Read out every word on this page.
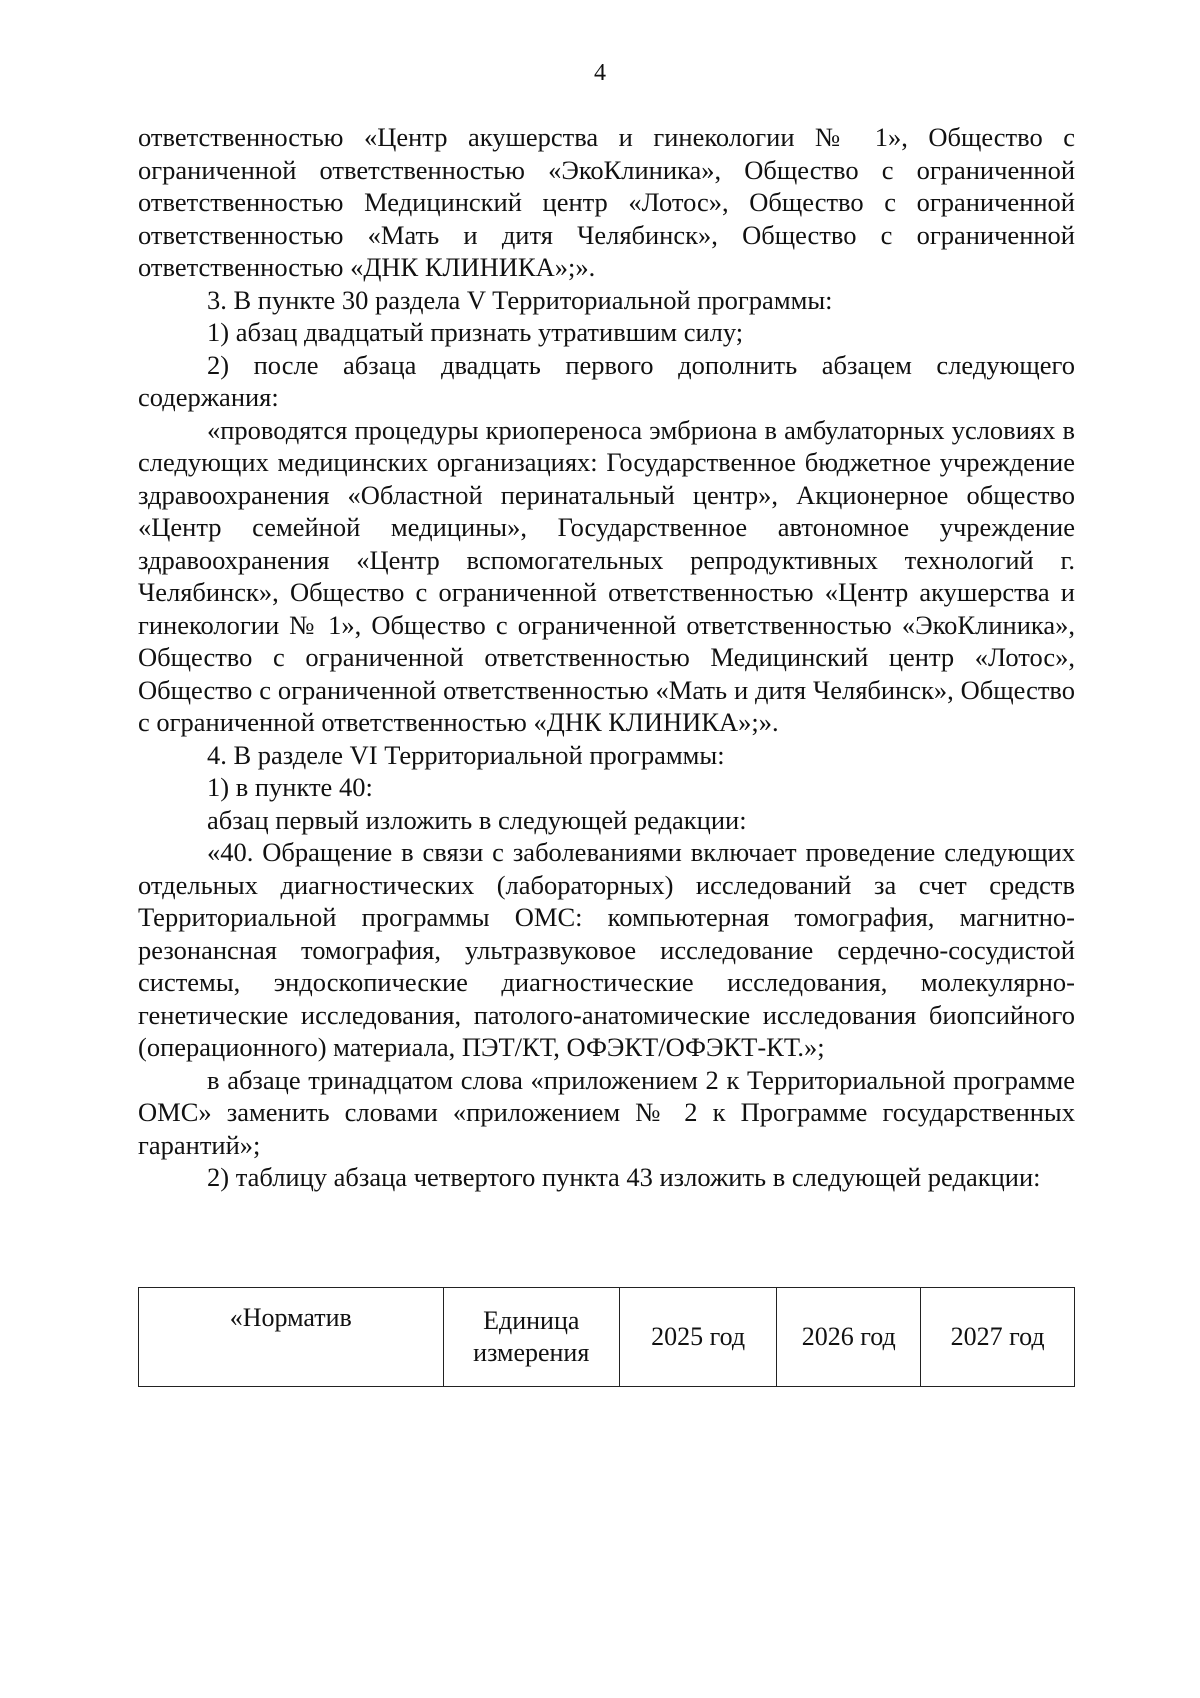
4

ответственностью «Центр акушерства и гинекологии № 1», Общество с ограниченной ответственностью «ЭкоКлиника», Общество с ограниченной ответственностью Медицинский центр «Лотос», Общество с ограниченной ответственностью «Мать и дитя Челябинск», Общество с ограниченной ответственностью «ДНК КЛИНИКА»;».

3. В пункте 30 раздела V Территориальной программы:

1) абзац двадцатый признать утратившим силу;

2) после абзаца двадцать первого дополнить абзацем следующего содержания:

«проводятся процедуры криопереноса эмбриона в амбулаторных условиях в следующих медицинских организациях: Государственное бюджетное учреждение здравоохранения «Областной перинатальный центр», Акционерное общество «Центр семейной медицины», Государственное автономное учреждение здравоохранения «Центр вспомогательных репродуктивных технологий г. Челябинск», Общество с ограниченной ответственностью «Центр акушерства и гинекологии № 1», Общество с ограниченной ответственностью «ЭкоКлиника», Общество с ограниченной ответственностью Медицинский центр «Лотос», Общество с ограниченной ответственностью «Мать и дитя Челябинск», Общество с ограниченной ответственностью «ДНК КЛИНИКА»;».

4. В разделе VI Территориальной программы:

1) в пункте 40:

абзац первый изложить в следующей редакции:

«40. Обращение в связи с заболеваниями включает проведение следующих отдельных диагностических (лабораторных) исследований за счет средств Территориальной программы ОМС: компьютерная томография, магнитно-резонансная томография, ультразвуковое исследование сердечно-сосудистой системы, эндоскопические диагностические исследования, молекулярно-генетические исследования, патолого-анатомические исследования биопсийного (операционного) материала, ПЭТ/КТ, ОФЭКТ/ОФЭКТ-КТ.»;

в абзаце тринадцатом слова «приложением 2 к Территориальной программе ОМС» заменить словами «приложением № 2 к Программе государственных гарантий»;

2) таблицу абзаца четвертого пункта 43 изложить в следующей редакции:

«Норматив	Единица измерения	2025 год	2026 год	2027 год
